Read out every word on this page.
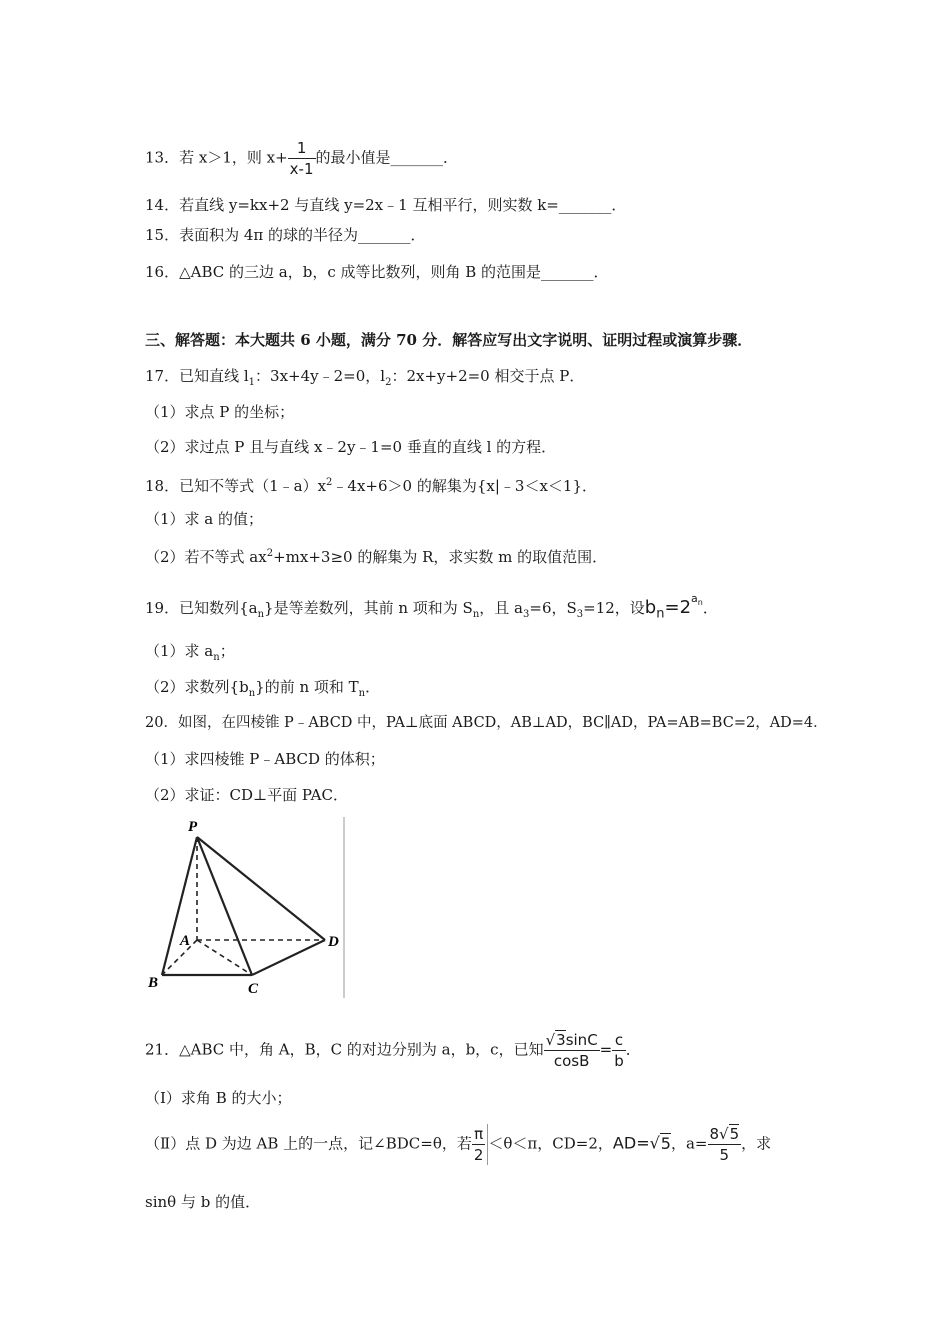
13．若 x＞1，则 $x+ \frac{1}{x-1}$ 的最小值是_______．
14．若直线 y=kx+2 与直线 y=2x﹣1 互相平行，则实数 k=_______．
15．表面积为 4π 的球的半径为_______．
16．△ABC 的三边 a，b，c 成等比数列，则角 B 的范围是_______．
三、解答题：本大题共 6 小题，满分 70 分．解答应写出文字说明、证明过程或演算步骤．
17．已知直线 $l_1$：3x+4y﹣2=0，$l_2$：2x+y+2=0 相交于点 P．
（1）求点 P 的坐标；
（2）求过点 P 且与直线 x﹣2y﹣1=0 垂直的直线 l 的方程．
18．已知不等式$(1﹣a)x^2﹣4x+6>0$ 的解集为{x|﹣3＜x＜1}．
（1）求 a 的值；
（2）若不等式 $ax^2+mx+3\ge 0$ 的解集为 R，求实数 m 的取值范围．
19．已知数列$\{a_n\}$是等差数列，其前 n 项和为 $S_n$，且 $a_3=6$，$S_3=12$，设$b_n=2^{a_n}$．
（1）求 $a_n$；
（2）求数列$\{b_n\}$的前 n 项和 $T_n$．
20．如图，在四棱锥 P﹣ABCD 中，PA⊥底面 ABCD，AB⊥AD，BC∥AD，PA=AB=BC=2，AD=4．
（1）求四棱锥 P﹣ABCD 的体积；
（2）求证：CD⊥平面 PAC．
P
A
B	C
D
21．△ABC 中，角 A，B，C 的对边分别为 a，b，c，已知 $\frac{√3\sin C}{\cos B} = \frac{c}{b}$ ．
（Ⅰ）求角 B 的大小；
（Ⅱ）点 D 为边 AB 上的一点，记∠BDC=θ，若 $\frac{\pi}{2} <\theta<\pi$，CD=2，AD=√5，$a= \frac{8√5}{5}$ ，求
sinθ 与 b 的值．
